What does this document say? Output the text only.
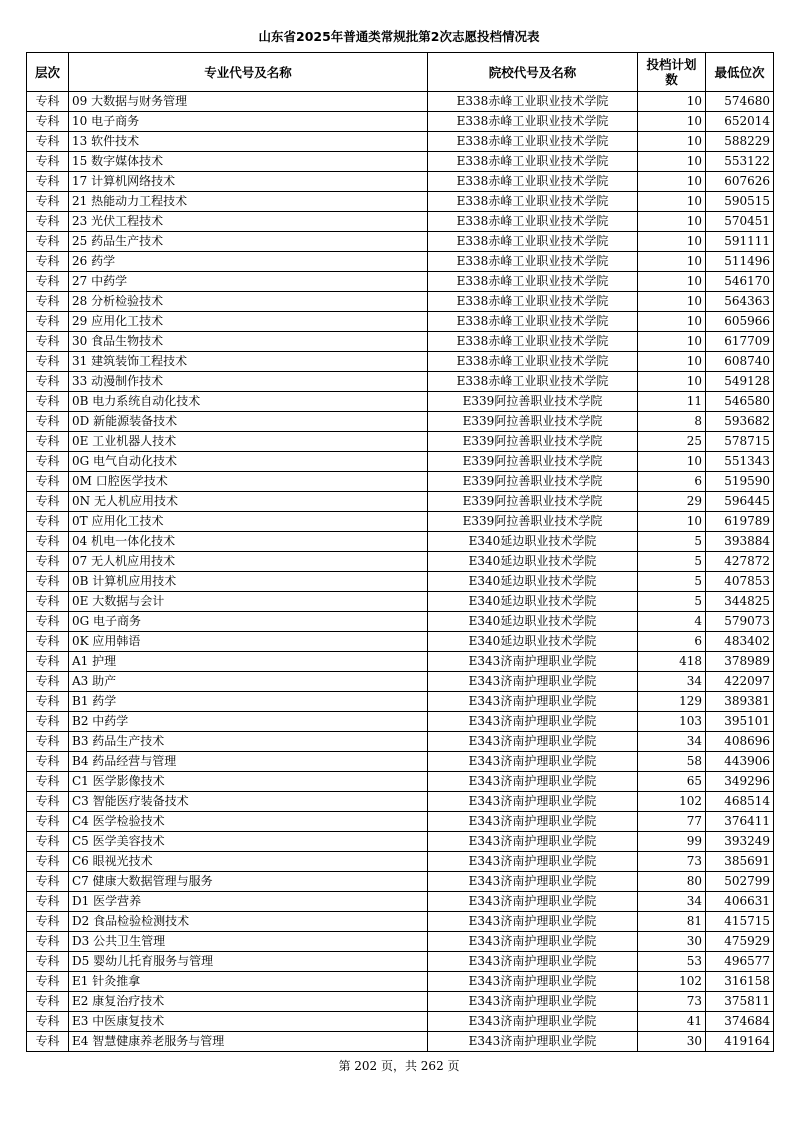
山东省2025年普通类常规批第2次志愿投档情况表
层次	专业代号及名称	院校代号及名称	投档计划数	最低位次
专科	09 大数据与财务管理	E338赤峰工业职业技术学院	10	574680
专科	10 电子商务	E338赤峰工业职业技术学院	10	652014
专科	13 软件技术	E338赤峰工业职业技术学院	10	588229
专科	15 数字媒体技术	E338赤峰工业职业技术学院	10	553122
专科	17 计算机网络技术	E338赤峰工业职业技术学院	10	607626
专科	21 热能动力工程技术	E338赤峰工业职业技术学院	10	590515
专科	23 光伏工程技术	E338赤峰工业职业技术学院	10	570451
专科	25 药品生产技术	E338赤峰工业职业技术学院	10	591111
专科	26 药学	E338赤峰工业职业技术学院	10	511496
专科	27 中药学	E338赤峰工业职业技术学院	10	546170
专科	28 分析检验技术	E338赤峰工业职业技术学院	10	564363
专科	29 应用化工技术	E338赤峰工业职业技术学院	10	605966
专科	30 食品生物技术	E338赤峰工业职业技术学院	10	617709
专科	31 建筑装饰工程技术	E338赤峰工业职业技术学院	10	608740
专科	33 动漫制作技术	E338赤峰工业职业技术学院	10	549128
专科	0B 电力系统自动化技术	E339阿拉善职业技术学院	11	546580
专科	0D 新能源装备技术	E339阿拉善职业技术学院	8	593682
专科	0E 工业机器人技术	E339阿拉善职业技术学院	25	578715
专科	0G 电气自动化技术	E339阿拉善职业技术学院	10	551343
专科	0M 口腔医学技术	E339阿拉善职业技术学院	6	519590
专科	0N 无人机应用技术	E339阿拉善职业技术学院	29	596445
专科	0T 应用化工技术	E339阿拉善职业技术学院	10	619789
专科	04 机电一体化技术	E340延边职业技术学院	5	393884
专科	07 无人机应用技术	E340延边职业技术学院	5	427872
专科	0B 计算机应用技术	E340延边职业技术学院	5	407853
专科	0E 大数据与会计	E340延边职业技术学院	5	344825
专科	0G 电子商务	E340延边职业技术学院	4	579073
专科	0K 应用韩语	E340延边职业技术学院	6	483402
专科	A1 护理	E343济南护理职业学院	418	378989
专科	A3 助产	E343济南护理职业学院	34	422097
专科	B1 药学	E343济南护理职业学院	129	389381
专科	B2 中药学	E343济南护理职业学院	103	395101
专科	B3 药品生产技术	E343济南护理职业学院	34	408696
专科	B4 药品经营与管理	E343济南护理职业学院	58	443906
专科	C1 医学影像技术	E343济南护理职业学院	65	349296
专科	C3 智能医疗装备技术	E343济南护理职业学院	102	468514
专科	C4 医学检验技术	E343济南护理职业学院	77	376411
专科	C5 医学美容技术	E343济南护理职业学院	99	393249
专科	C6 眼视光技术	E343济南护理职业学院	73	385691
专科	C7 健康大数据管理与服务	E343济南护理职业学院	80	502799
专科	D1 医学营养	E343济南护理职业学院	34	406631
专科	D2 食品检验检测技术	E343济南护理职业学院	81	415715
专科	D3 公共卫生管理	E343济南护理职业学院	30	475929
专科	D5 婴幼儿托育服务与管理	E343济南护理职业学院	53	496577
专科	E1 针灸推拿	E343济南护理职业学院	102	316158
专科	E2 康复治疗技术	E343济南护理职业学院	73	375811
专科	E3 中医康复技术	E343济南护理职业学院	41	374684
专科	E4 智慧健康养老服务与管理	E343济南护理职业学院	30	419164
第 202 页，共 262 页
